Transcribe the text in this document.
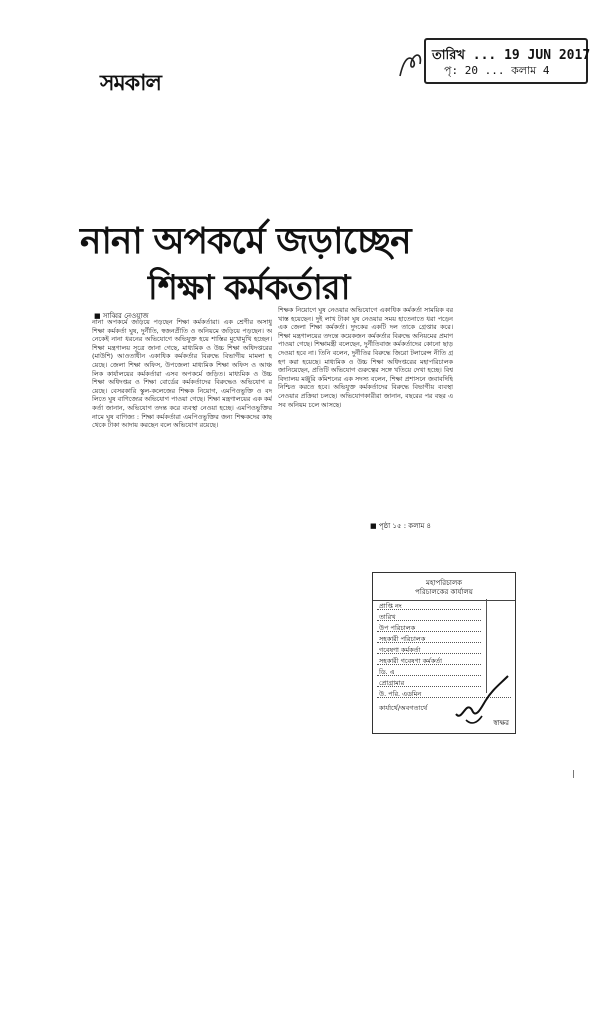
সমকাল
তারিখ ... 19 JUN 2017
পৃ: 20 ... কলাম 4
নানা অপকর্মে জড়াচ্ছেন
শিক্ষা কর্মকর্তারা
■ সাব্বির নেওয়াজ
নানা অপকর্মে জড়িয়ে পড়ছেন শিক্ষা কর্মকর্তারা। এক শ্রেণীর অসাধু শিক্ষা কর্মকর্তা ঘুষ, দুর্নীতি, স্বজনপ্রীতি ও অনিয়মে জড়িয়ে পড়ছেন। অনেকেই নানা ধরনের অভিযোগে অভিযুক্ত হয়ে শাস্তির মুখোমুখি হচ্ছেন। শিক্ষা মন্ত্রণালয় সূত্রে জানা গেছে, মাধ্যমিক ও উচ্চ শিক্ষা অধিদপ্তরের (মাউশি) আওতাধীন একাধিক কর্মকর্তার বিরুদ্ধে বিভাগীয় মামলা হয়েছে। জেলা শিক্ষা অফিস, উপজেলা মাধ্যমিক শিক্ষা অফিস ও আঞ্চলিক কার্যালয়ের কর্মকর্তারা এসব অপকর্মে জড়িত। মাধ্যমিক ও উচ্চ শিক্ষা অধিদপ্তর ও শিক্ষা বোর্ডের কর্মকর্তাদের বিরুদ্ধেও অভিযোগ রয়েছে। বেসরকারি স্কুল-কলেজের শিক্ষক নিয়োগ, এমপিওভুক্তি ও বদলিতে ঘুষ বাণিজ্যের অভিযোগ পাওয়া গেছে। শিক্ষা মন্ত্রণালয়ের এক কর্মকর্তা জানান, অভিযোগ তদন্ত করে ব্যবস্থা নেওয়া হচ্ছে। এমপিওভুক্তির নামে ঘুষ বাণিজ্য : শিক্ষা কর্মকর্তারা এমপিওভুক্তির জন্য শিক্ষকদের কাছ থেকে টাকা আদায় করছেন বলে অভিযোগ রয়েছে।
শিক্ষক নিয়োগে ঘুষ নেওয়ার অভিযোগে একাধিক কর্মকর্তা সাময়িক বরখাস্ত হয়েছেন। দুই লাখ টাকা ঘুষ নেওয়ার সময় হাতেনাতে ধরা পড়েন এক জেলা শিক্ষা কর্মকর্তা। দুদকের একটি দল তাকে গ্রেপ্তার করে। শিক্ষা মন্ত্রণালয়ের তদন্তে কয়েকজন কর্মকর্তার বিরুদ্ধে অনিয়মের প্রমাণ পাওয়া গেছে। শিক্ষামন্ত্রী বলেছেন, দুর্নীতিবাজ কর্মকর্তাদের কোনো ছাড় দেওয়া হবে না। তিনি বলেন, দুর্নীতির বিরুদ্ধে জিরো টলারেন্স নীতি গ্রহণ করা হয়েছে। মাধ্যমিক ও উচ্চ শিক্ষা অধিদপ্তরের মহাপরিচালক জানিয়েছেন, প্রতিটি অভিযোগ গুরুত্বের সঙ্গে খতিয়ে দেখা হচ্ছে। বিশ্ববিদ্যালয় মঞ্জুরি কমিশনের এক সদস্য বলেন, শিক্ষা প্রশাসনে জবাবদিহি নিশ্চিত করতে হবে। অভিযুক্ত কর্মকর্তাদের বিরুদ্ধে বিভাগীয় ব্যবস্থা নেওয়ার প্রক্রিয়া চলছে। অভিযোগকারীরা জানান, বছরের পর বছর এসব অনিয়ম চলে আসছে।
■ পৃষ্ঠা ১৫ : কলাম ৪
মহাপরিচালক
পরিচালকের কার্যালয়
প্রাপ্তি নং
তারিখ
উপ পরিচালক
সহকারী পরিচালক
গবেষণা কর্মকর্তা
সহকারী গবেষণা কর্মকর্তা
ডি. এ
প্রোগ্রামার
উ. পরি. এডমিন
কার্যার্থে/অবগতার্থে
স্বাক্ষর
